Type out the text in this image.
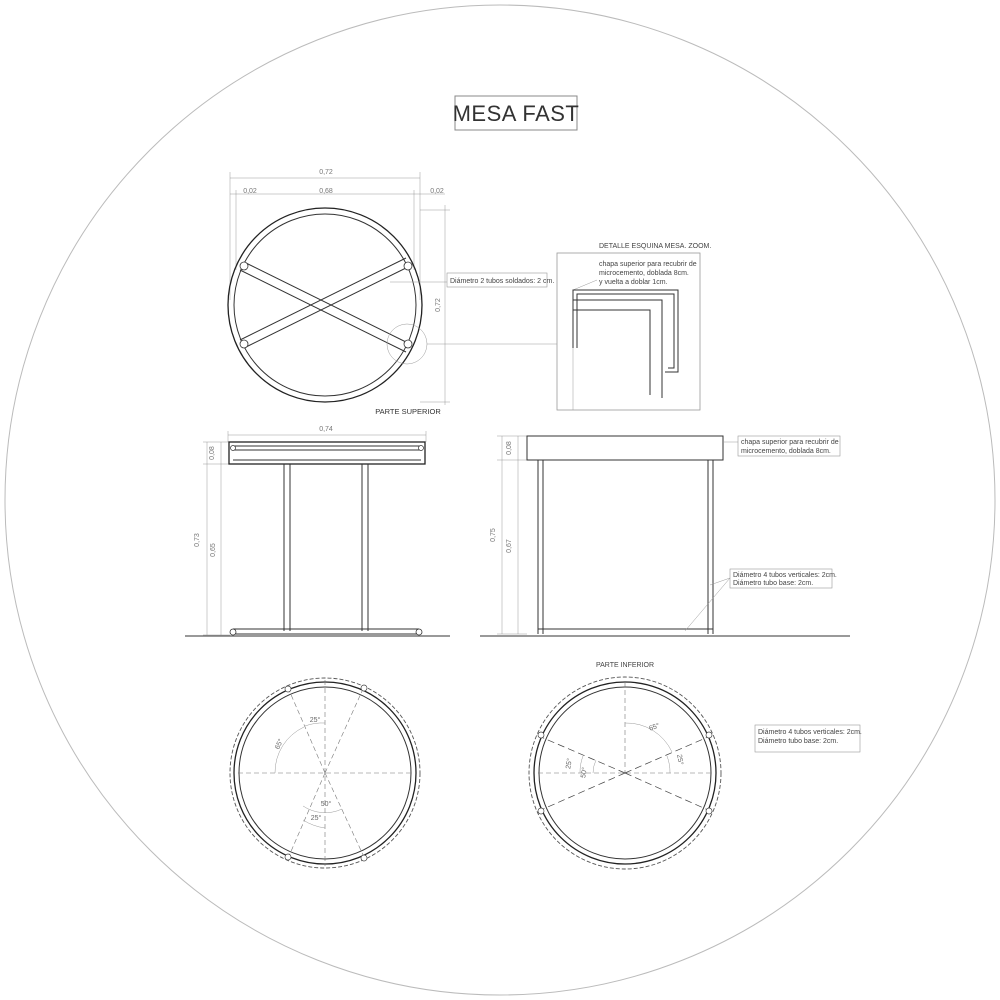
MESA FAST
0,72
0,02	0,68	0,02
0,72
Diámetro 2 tubos soldados: 2 cm.
PARTE SUPERIOR
DETALLE ESQUINA MESA. ZOOM.
chapa superior para recubrir de
microcemento, doblada 8cm.
y vuelta a doblar 1cm.
0,74
0,08
0,73
0,65
0,08
0,75
0,67
chapa superior para recubrir de
microcemento, doblada 8cm.
Diámetro 4 tubos verticales: 2cm.
Diámetro tubo base: 2cm.
25°
65°
50°
25°
PARTE INFERIOR
65°
25°
50°
25°
Diámetro 4 tubos verticales: 2cm.
Diámetro tubo base: 2cm.
